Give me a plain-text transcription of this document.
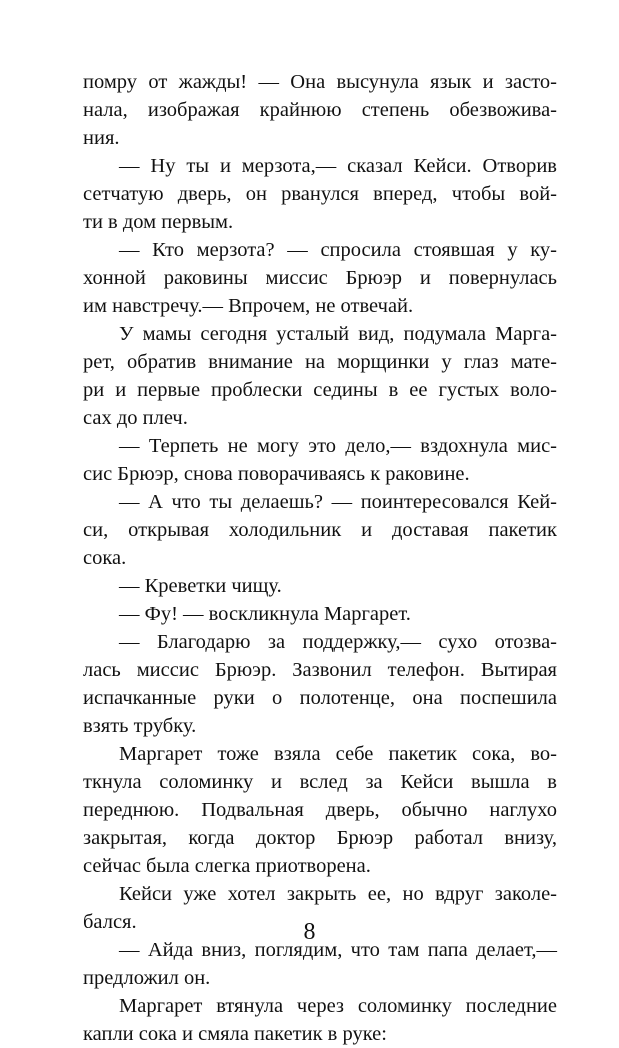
помру от жажды! — Она высунула язык и засто-
нала, изображая крайнюю степень обезвожива-
ния.
— Ну ты и мерзота,— сказал Кейси. Отворив
сетчатую дверь, он рванулся вперед, чтобы вой-
ти в дом первым.
— Кто мерзота? — спросила стоявшая у ку-
хонной раковины миссис Брюэр и повернулась
им навстречу.— Впрочем, не отвечай.
У мамы сегодня усталый вид, подумала Марга-
рет, обратив внимание на морщинки у глаз мате-
ри и первые проблески седины в ее густых воло-
сах до плеч.
— Терпеть не могу это дело,— вздохнула мис-
сис Брюэр, снова поворачиваясь к раковине.
— А что ты делаешь? — поинтересовался Кей-
си, открывая холодильник и доставая пакетик
сока.
— Креветки чищу.
— Фу! — воскликнула Маргарет.
— Благодарю за поддержку,— сухо отозва-
лась миссис Брюэр. Зазвонил телефон. Вытирая
испачканные руки о полотенце, она поспешила
взять трубку.
Маргарет тоже взяла себе пакетик сока, во-
ткнула соломинку и вслед за Кейси вышла в
переднюю. Подвальная дверь, обычно наглухо
закрытая, когда доктор Брюэр работал внизу,
сейчас была слегка приотворена.
Кейси уже хотел закрыть ее, но вдруг заколе-
бался.
— Айда вниз, поглядим, что там папа делает,—
предложил он.
Маргарет втянула через соломинку последние
капли сока и смяла пакетик в руке:
8
